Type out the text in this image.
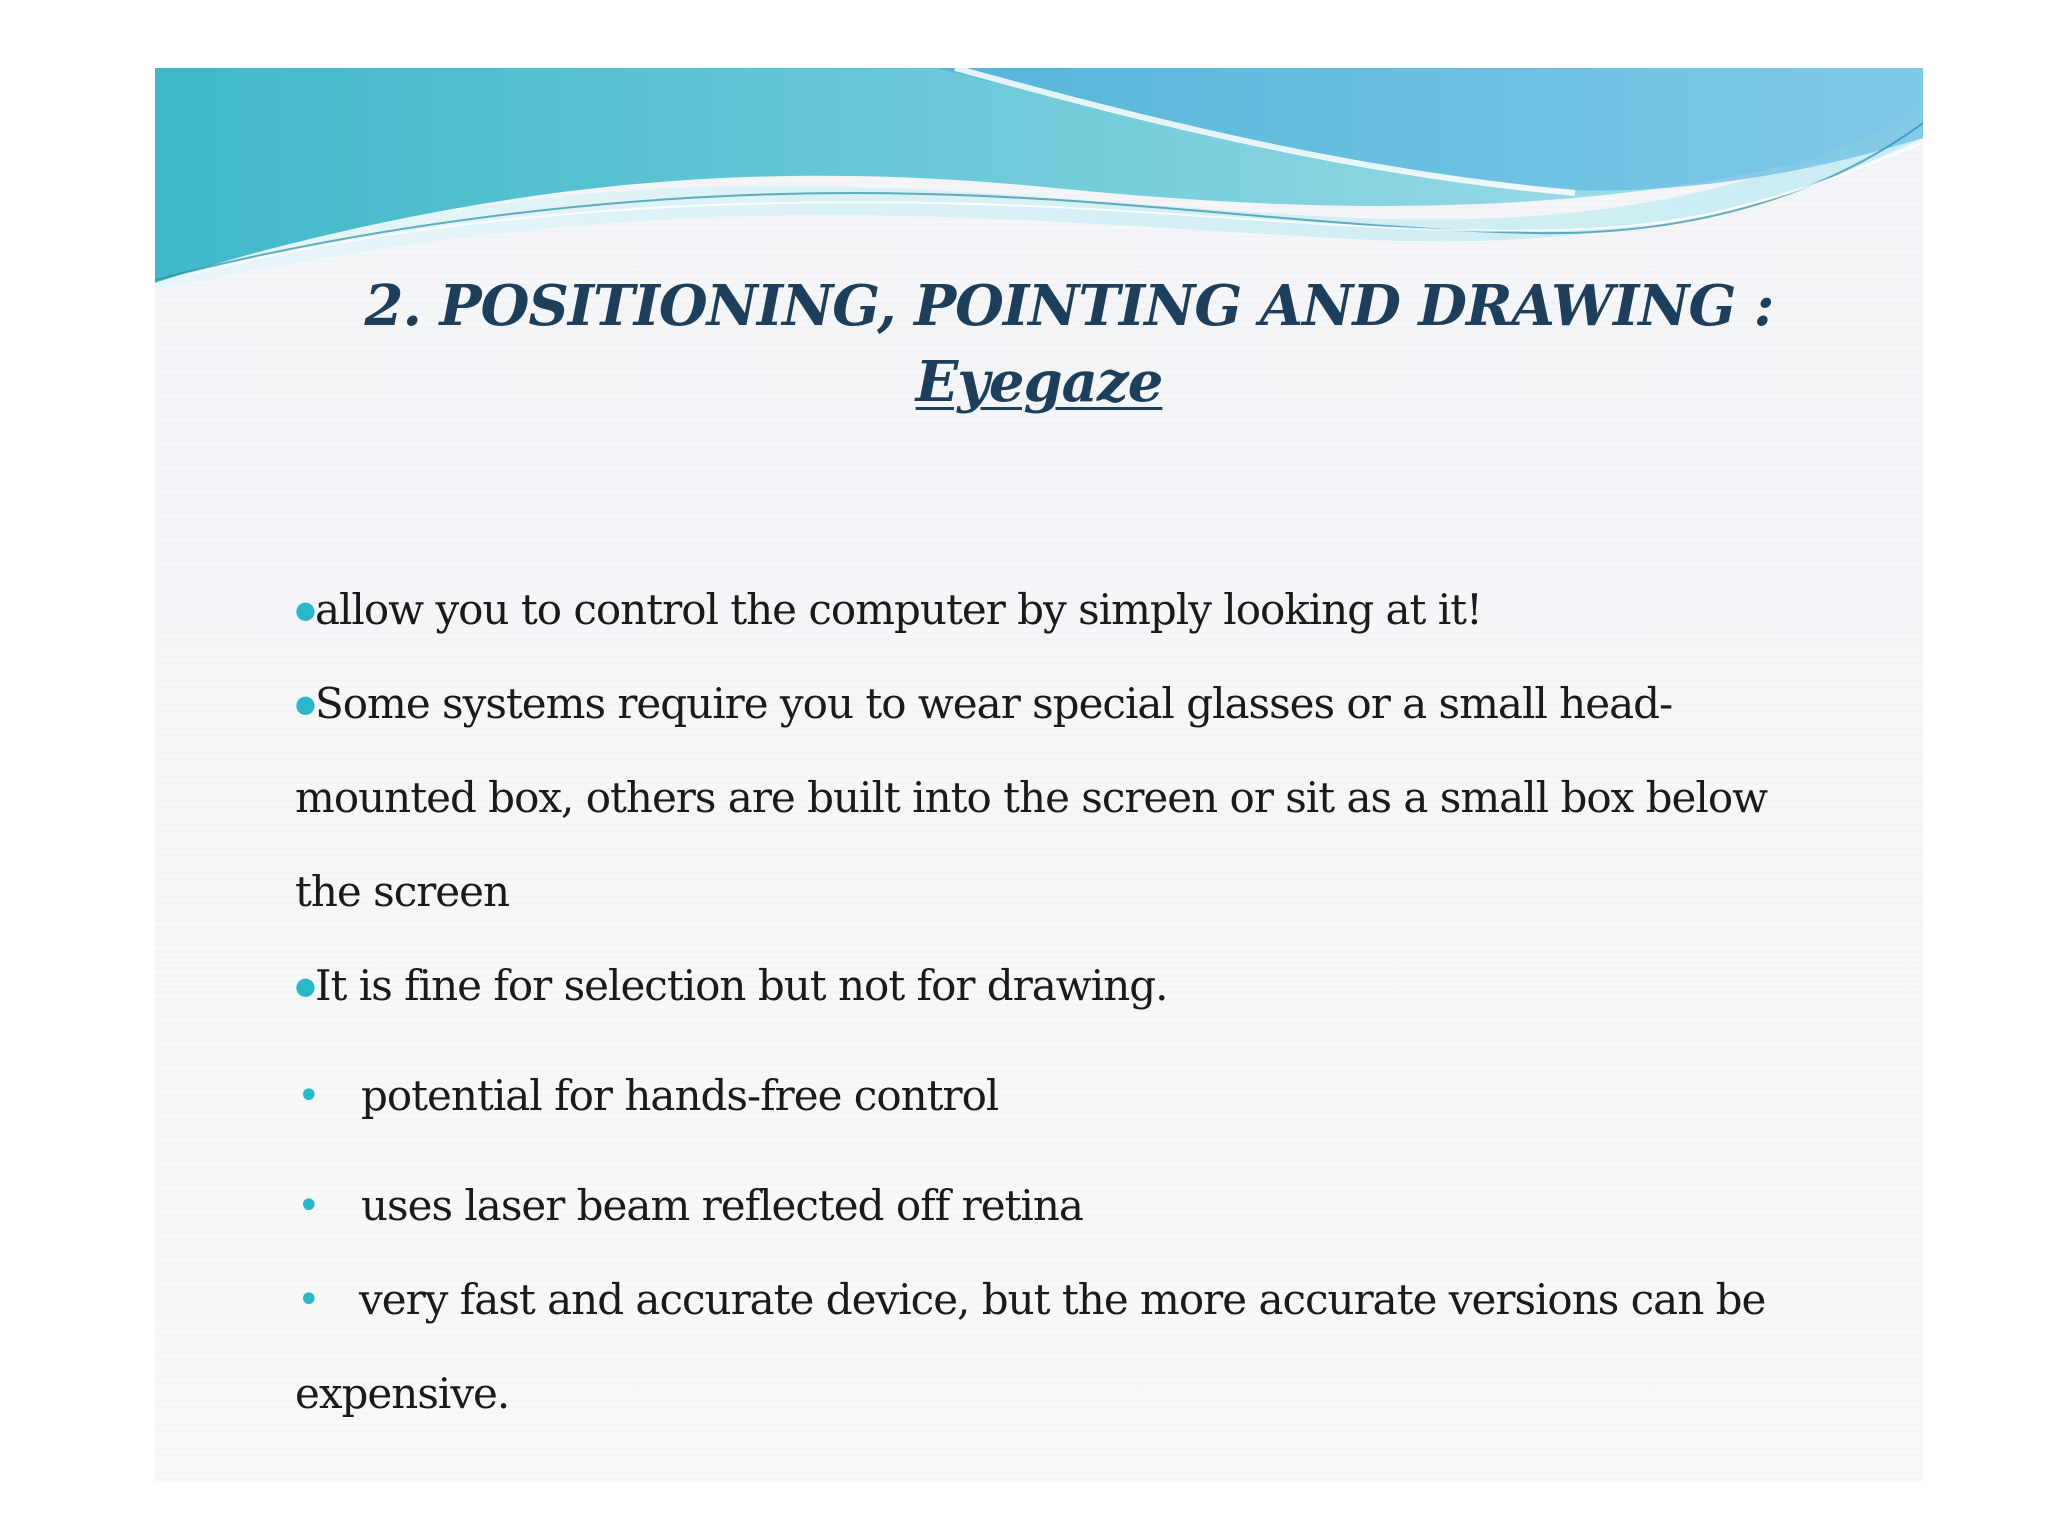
2. POSITIONING, POINTING AND DRAWING :
Eyegaze
●allow you to control the computer by simply looking at it!
●Some systems require you to wear special glasses or a small head-mounted box, others are built into the screen or sit as a small box below the screen
●It is fine for selection but not for drawing.
• potential for hands-free control
• uses laser beam reflected off retina
• very fast and accurate device, but the more accurate versions can be expensive.
